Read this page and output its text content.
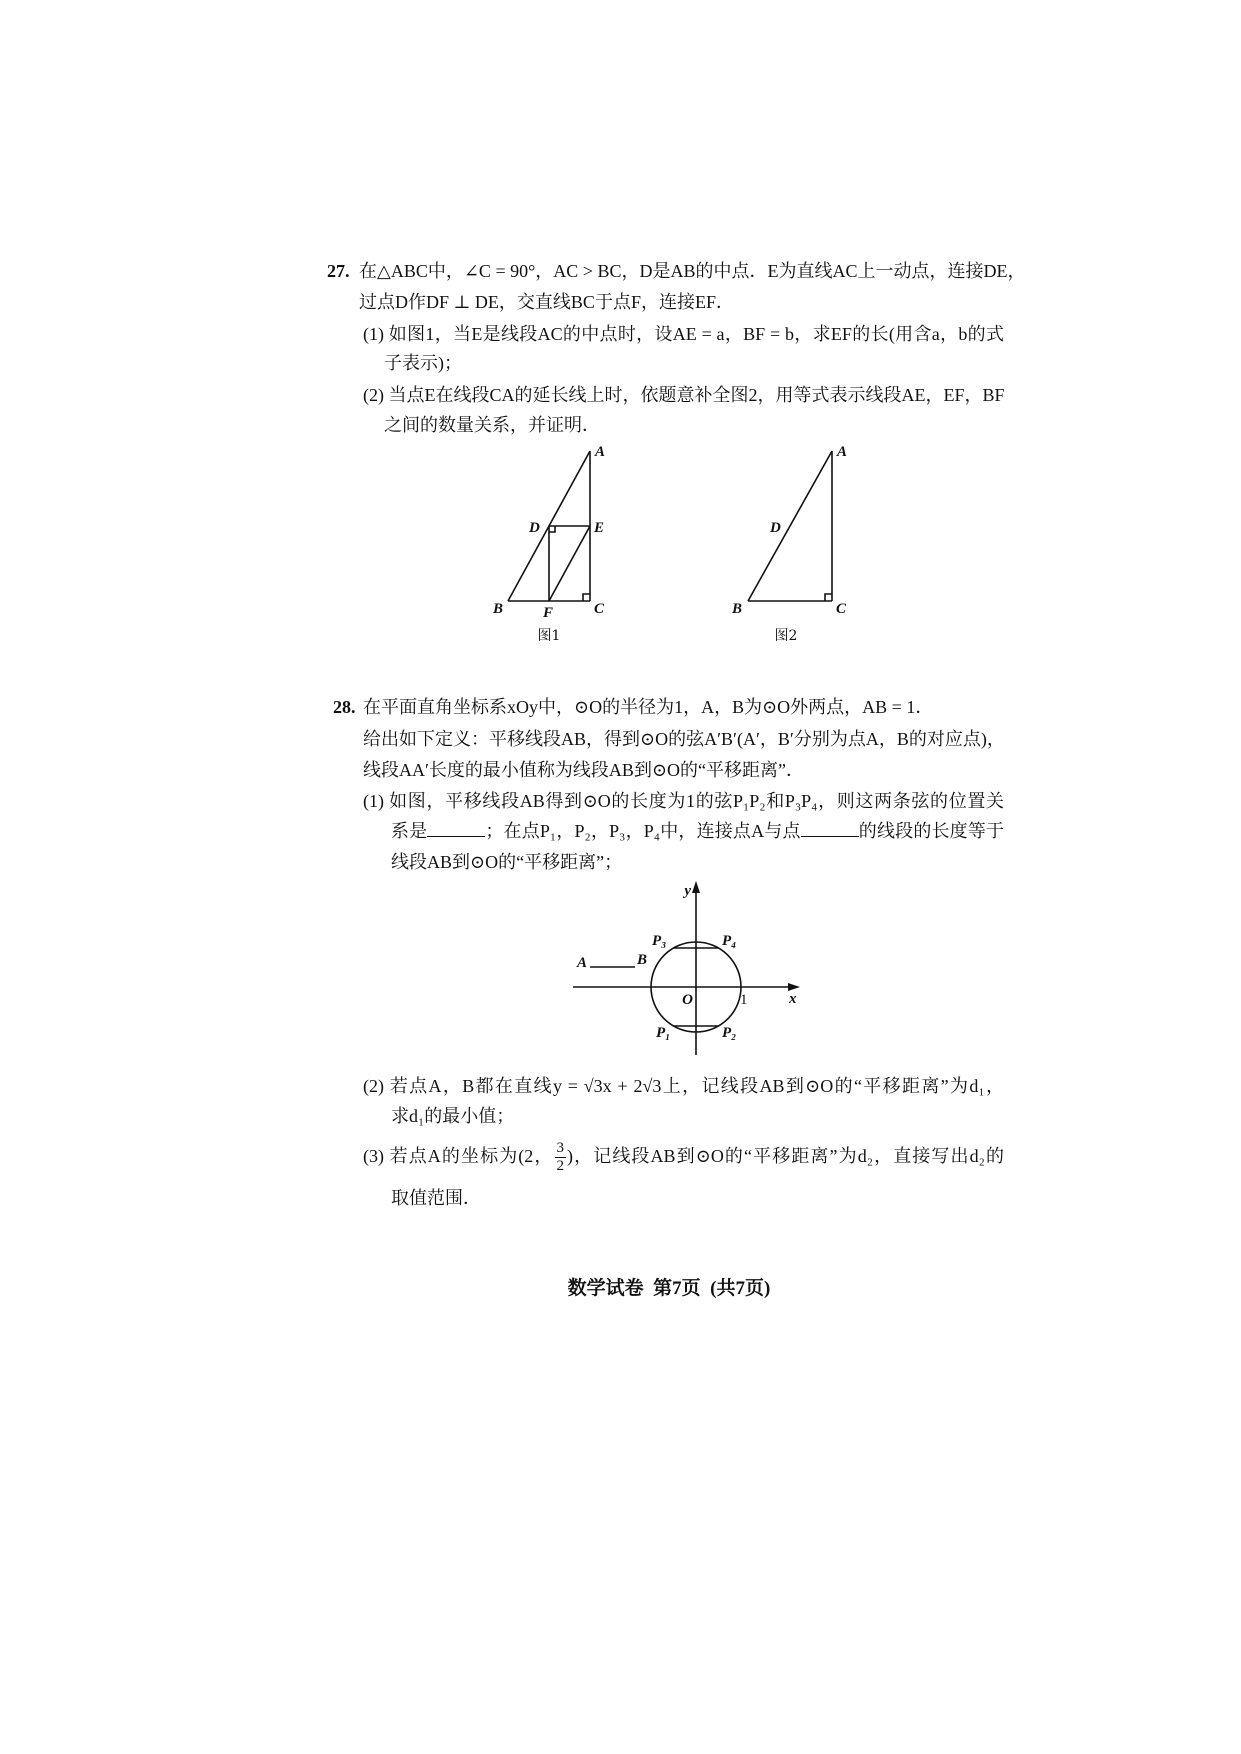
A
D	E
B	F	C
图1
A
D
B	C
图2
y
x
O	1
A	B
P₃	P₄
P₁	P₂
27. 在△ABC中，∠C = 90°，AC > BC，D是AB的中点．E为直线AC上一动点，连接DE，
过点D作DF ⊥ DE，交直线BC于点F，连接EF．
(1) 如图1，当E是线段AC的中点时，设AE = a，BF = b，求EF的长(用含a，b的式
子表示)；
(2) 当点E在线段CA的延长线上时，依题意补全图2，用等式表示线段AE，EF，BF
之间的数量关系，并证明．
28. 在平面直角坐标系xOy中，⊙O的半径为1，A，B为⊙O外两点，AB = 1．
给出如下定义：平移线段AB，得到⊙O的弦A′B′(A′，B′分别为点A，B的对应点)，
线段AA′长度的最小值称为线段AB到⊙O的“平移距离”．
(1) 如图，平移线段AB得到⊙O的长度为1的弦P₁P₂和P₃P₄，则这两条弦的位置关
系是	；在点P₁，P₂，P₃，P₄中，连接点A与点	的线段的长度等于
线段AB到⊙O的“平移距离”；
(2) 若点A，B都在直线y = √3x + 2√3上，记线段AB到⊙O的“平移距离”为d₁，
求d₁的最小值；
(3) 若点A的坐标为(2， $\frac{3}{2}$ )，记线段AB到⊙O的“平移距离”为d₂，直接写出d₂的
取值范围．
数学试卷  第7页  (共7页)
